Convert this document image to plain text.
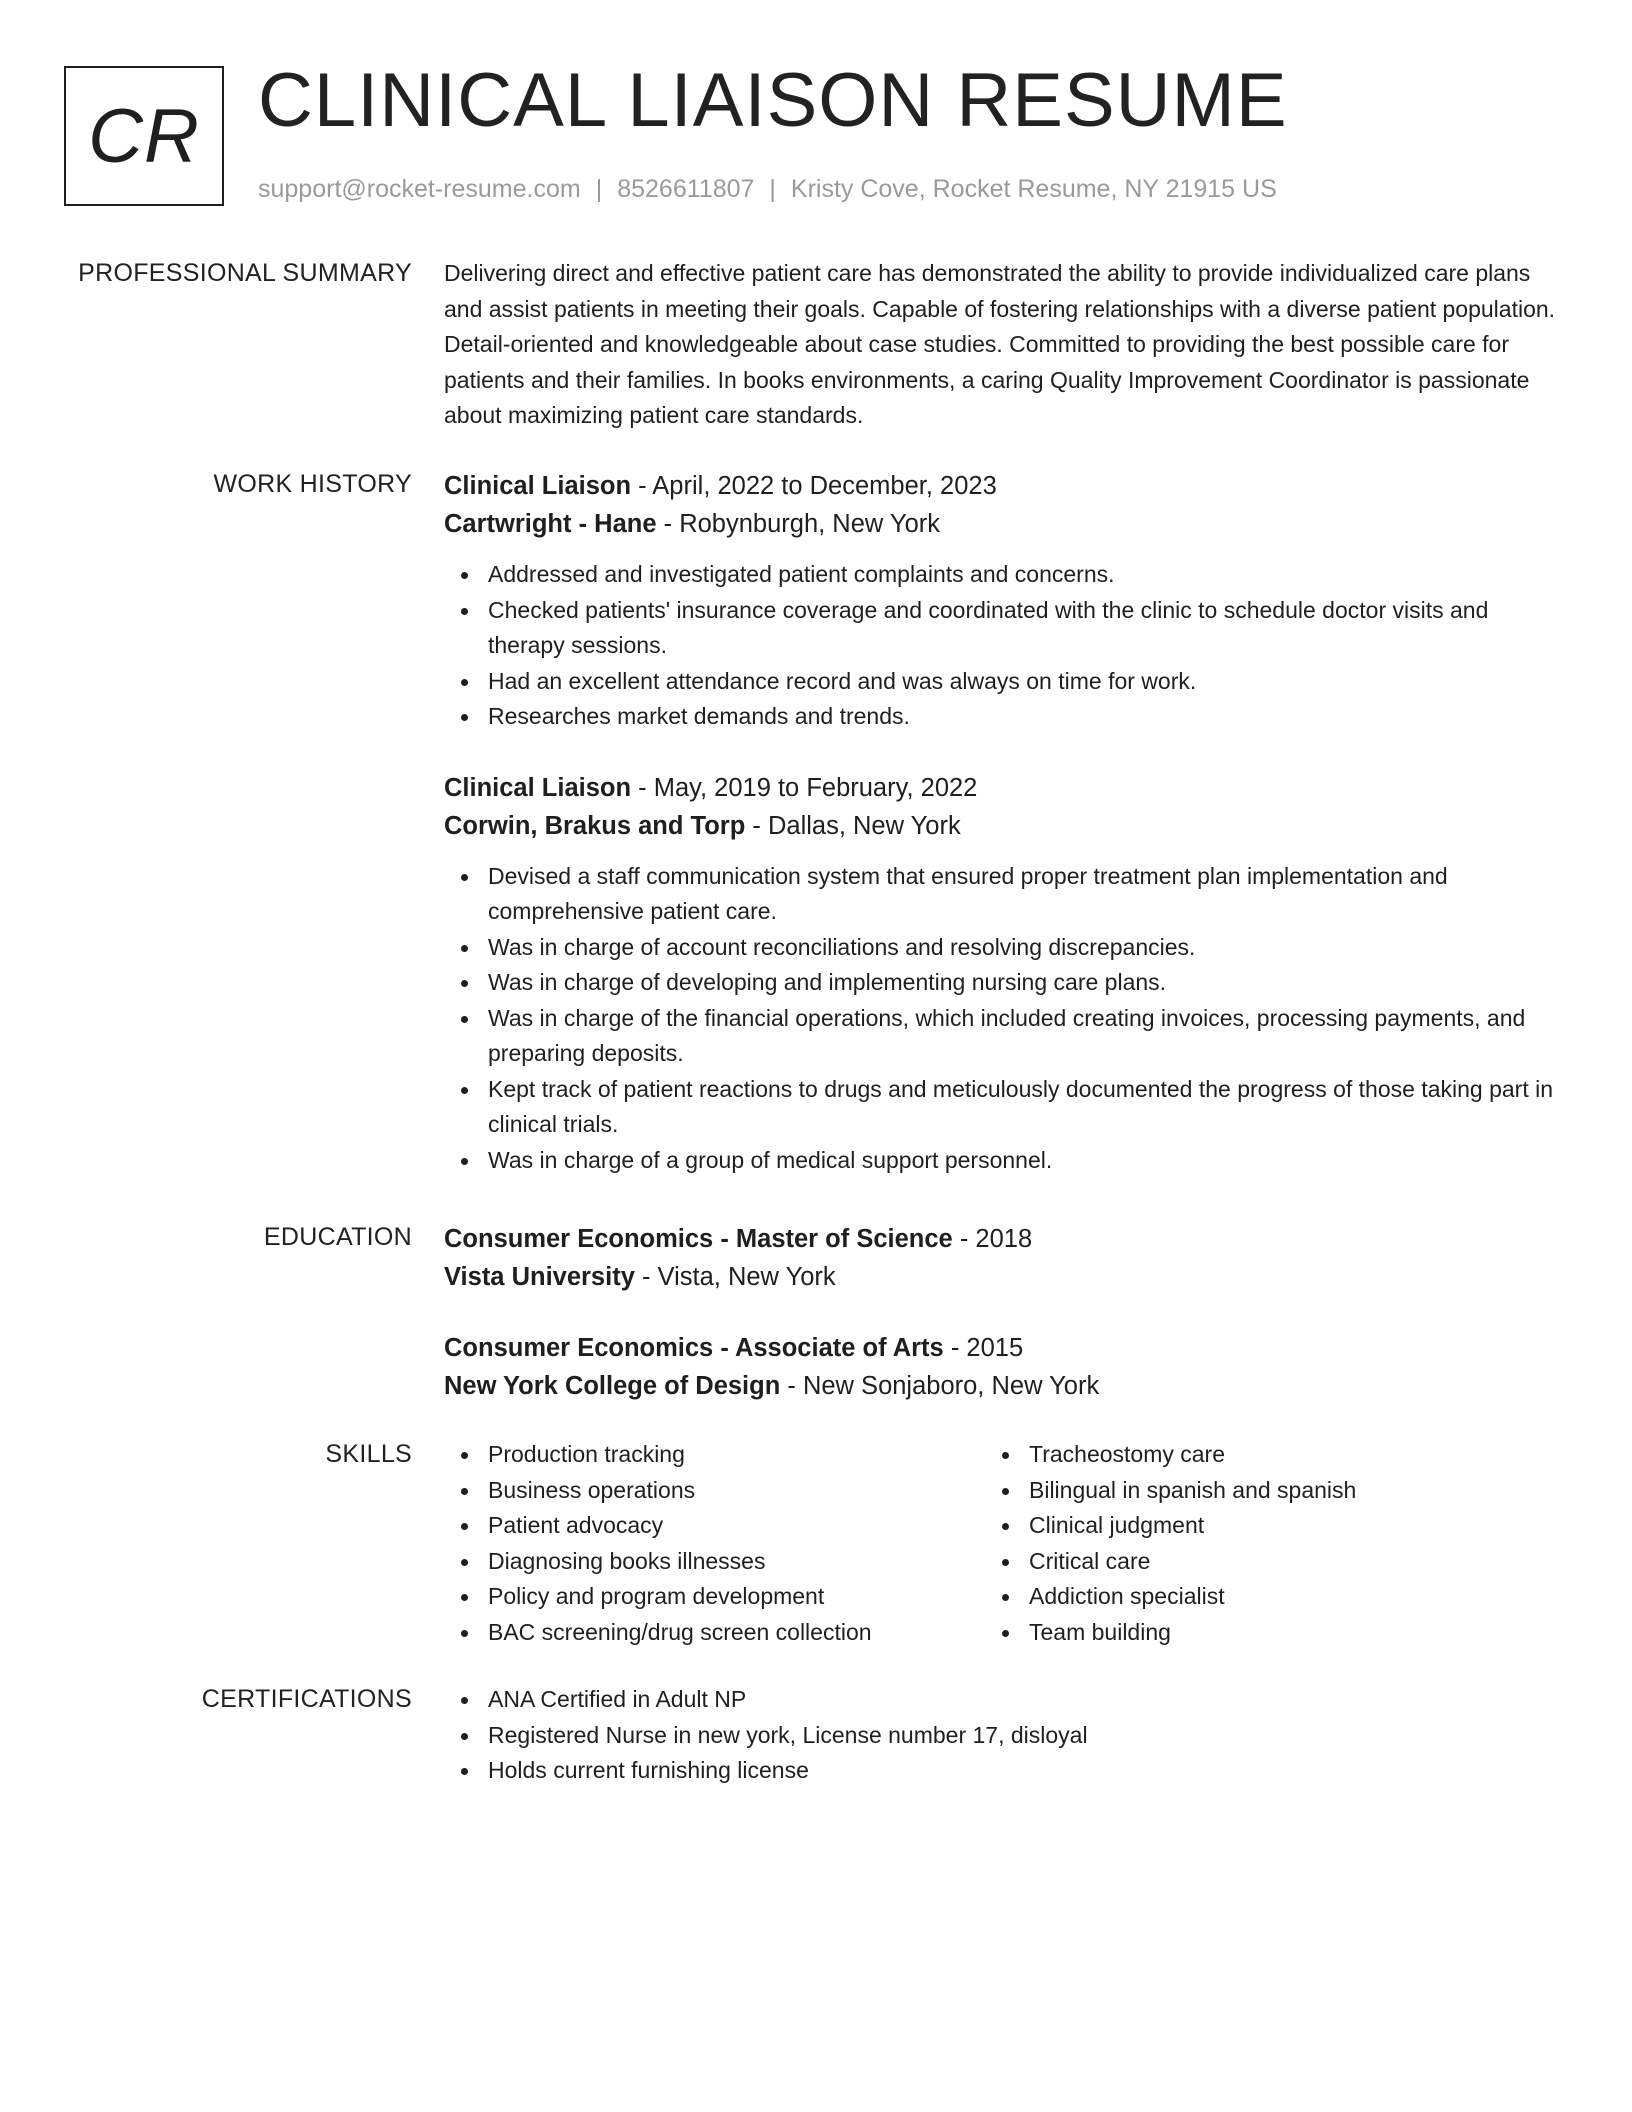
CR CLINICAL LIAISON RESUME
support@rocket-resume.com | 8526611807 | Kristy Cove, Rocket Resume, NY 21915 US
PROFESSIONAL SUMMARY Delivering direct and effective patient care has demonstrated the ability to provide individualized care plans and assist patients in meeting their goals. Capable of fostering relationships with a diverse patient population. Detail-oriented and knowledgeable about case studies. Committed to providing the best possible care for patients and their families. In books environments, a caring Quality Improvement Coordinator is passionate about maximizing patient care standards.

WORK HISTORY Clinical Liaison - April, 2022 to December, 2023
Cartwright - Hane - Robynburgh, New York
Addressed and investigated patient complaints and concerns.
Checked patients' insurance coverage and coordinated with the clinic to schedule doctor visits and therapy sessions.
Had an excellent attendance record and was always on time for work.
Researches market demands and trends.
Clinical Liaison - May, 2019 to February, 2022
Corwin, Brakus and Torp - Dallas, New York
Devised a staff communication system that ensured proper treatment plan implementation and comprehensive patient care.
Was in charge of account reconciliations and resolving discrepancies.
Was in charge of developing and implementing nursing care plans.
Was in charge of the financial operations, which included creating invoices, processing payments, and preparing deposits.
Kept track of patient reactions to drugs and meticulously documented the progress of those taking part in clinical trials.
Was in charge of a group of medical support personnel.
EDUCATION Consumer Economics - Master of Science - 2018
Vista University - Vista, New York
Consumer Economics - Associate of Arts - 2015
New York College of Design - New Sonjaboro, New York
SKILLS	Production tracking
Business operations
Patient advocacy
Diagnosing books illnesses
Policy and program development
BAC screening/drug screen collection
Tracheostomy care
Bilingual in spanish and spanish
Clinical judgment
Critical care
Addiction specialist
Team building
CERTIFICATIONS	ANA Certified in Adult NP
Registered Nurse in new york, License number 17, disloyal
Holds current furnishing license
